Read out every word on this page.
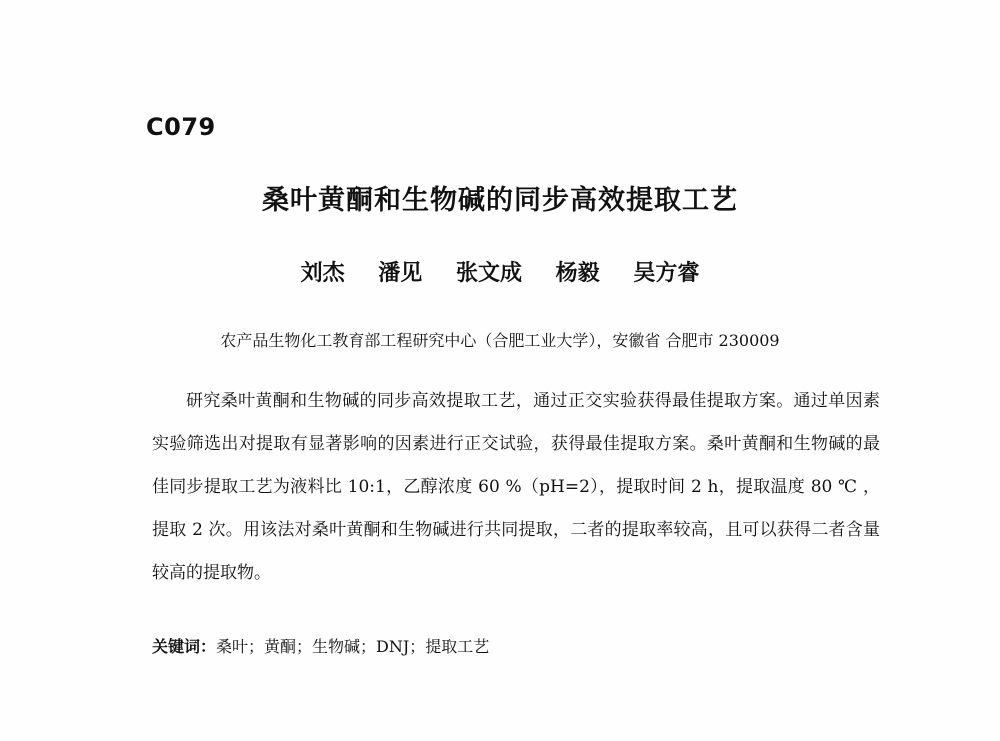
C079
桑叶黄酮和生物碱的同步高效提取工艺
刘杰 潘见 张文成 杨毅 吴方睿
农产品生物化工教育部工程研究中心（合肥工业大学），安徽省 合肥市 230009

研究桑叶黄酮和生物碱的同步高效提取工艺，通过正交实验获得最佳提取方案。通过单因素实验筛选出对提取有显著影响的因素进行正交试验，获得最佳提取方案。桑叶黄酮和生物碱的最佳同步提取工艺为液料比 10:1，乙醇浓度 60 %（pH=2），提取时间 2 h，提取温度 80 ℃ ，提取 2 次。用该法对桑叶黄酮和生物碱进行共同提取，二者的提取率较高，且可以获得二者含量较高的提取物。

关键词：桑叶；黄酮；生物碱；DNJ；提取工艺
